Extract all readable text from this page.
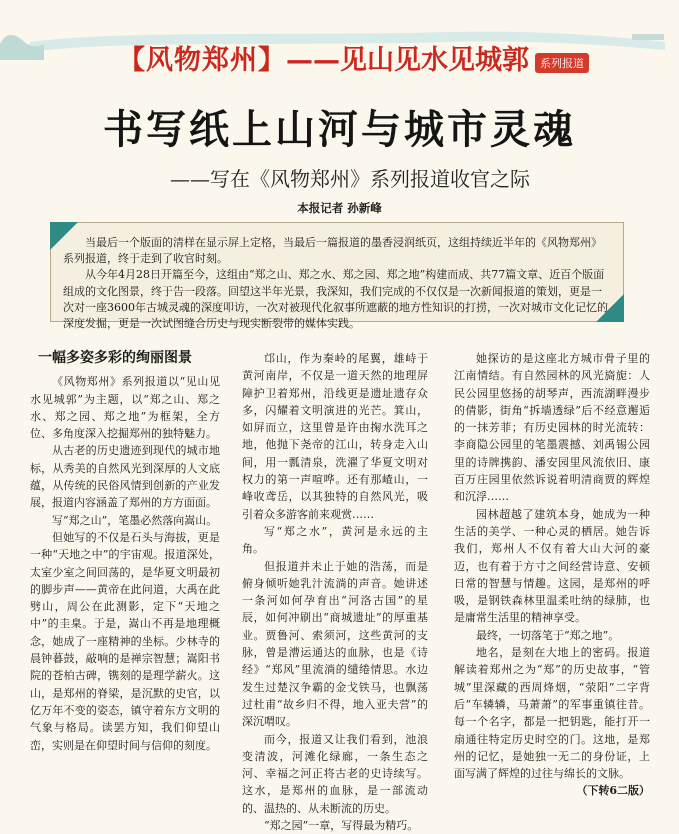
【风物郑州】 ——见山见水见城郭	系列报道
书写纸上山河与城市灵魂
——写在《风物郑州》系列报道收官之际
本报记者 孙新峰

当最后一个版面的清样在显示屏上定格，当最后一篇报道的墨香浸润纸页，这组持续近半年的《风物郑州》系列报道，终于走到了收官时刻。

从今年4月28日开篇至今，这组由“郑之山、郑之水、郑之园、郑之地”构建而成、共77篇文章、近百个版面组成的文化图景，终于告一段落。回望这半年光景，我深知，我们完成的不仅仅是一次新闻报道的策划，更是一次对一座3600年古城灵魂的深度叩访，一次对被现代化叙事所遮蔽的地方性知识的打捞，一次对城市文化记忆的深度发掘，更是一次试图缝合历史与现实断裂带的媒体实践。

一幅多姿多彩的绚丽图景

《风物郑州》系列报道以“见山见水见城郭”为主题，以“郑之山、郑之水、郑之园、郑之地”为框架，全方位、多角度深入挖掘郑州的独特魅力。

从古老的历史遗迹到现代的城市地标，从秀美的自然风光到深厚的人文底蕴，从传统的民俗风情到创新的产业发展，报道内容涵盖了郑州的方方面面。

写“郑之山”，笔墨必然落向嵩山。

但她写的不仅是石头与海拔，更是一种“天地之中”的宇宙观。报道深处，太室少室之间回荡的，是华夏文明最初的脚步声——黄帝在此问道，大禹在此劈山，周公在此测影，定下“天地之中”的圭臬。于是，嵩山不再是地理概念，她成了一座精神的坐标。少林寺的晨钟暮鼓，敲响的是禅宗智慧；嵩阳书院的苍柏古碑，镌刻的是理学薪火。这山，是郑州的脊梁，是沉默的史官，以亿万年不变的姿态，镇守着东方文明的气象与格局。读罢方知，我们仰望山峦，实则是在仰望时间与信仰的刻度。

邙山，作为秦岭的尾翼，雄峙于黄河南岸，不仅是一道天然的地理屏障护卫着郑州，沿线更是遗址遗存众多，闪耀着文明演进的光芒。箕山，如屏而立，这里曾是许由掬水洗耳之地，他抛下尧帝的江山，转身走入山间，用一瓢清泉，洗濯了华夏文明对权力的第一声喧哗。还有那嵖山，一峰收鸢岳，以其独特的自然风光，吸引着众多游客前来观赏……

写“郑之水”，黄河是永远的主角。

但报道并未止于她的浩荡，而是俯身倾听她乳汁流淌的声音。她讲述一条河如何孕育出“河洛古国”的星辰，如何冲刷出“商城遗址”的厚重基业。贾鲁河、索须河，这些黄河的支脉，曾是漕运通达的血脉，也是《诗经》“郑风”里流淌的缱绻情思。水边发生过楚汉争霸的金戈铁马，也飘荡过杜甫“故乡归不得，地入亚夫营”的深沉喟叹。

而今，报道又让我们看到，池浪变清波，河滩化绿廊，一条生态之河、幸福之河正将古老的史诗续写。这水，是郑州的血脉，是一部流动的、温热的、从未断流的历史。

“郑之园”一章，写得最为精巧。

她探访的是这座北方城市骨子里的江南情结。有自然园林的风光旖旎：人民公园里悠扬的胡琴声，西流湖畔漫步的倩影，街角“拆墙透绿”后不经意邂逅的一抹芳菲；有历史园林的时光流转：李商隐公园里的笔墨震撼、刘禹锡公园里的诗牌携韵、潘安园里风流依旧、康百万庄园里依然诉说着明清商贾的辉煌和沉浮……

园林超越了建筑本身，她成为一种生活的美学、一种心灵的栖居。她告诉我们，郑州人不仅有着大山大河的豪迈，也有着于方寸之间经营诗意、安顿日常的智慧与情趣。这园，是郑州的呼吸，是钢铁森林里温柔吐纳的绿肺，也是庸常生活里的精神享受。

最终，一切落笔于“郑之地”。

地名，是刻在大地上的密码。报道解读着郑州之为“郑”的历史故事，“管城”里深藏的西周烽烟，“荥阳”二字背后“车辚辚，马萧萧”的军事重镇往昔。每一个名字，都是一把钥匙，能打开一扇通往特定历史时空的门。这地，是郑州的记忆，是她独一无二的身份证，上面写满了辉煌的过往与绵长的文脉。

（下转6二版）
